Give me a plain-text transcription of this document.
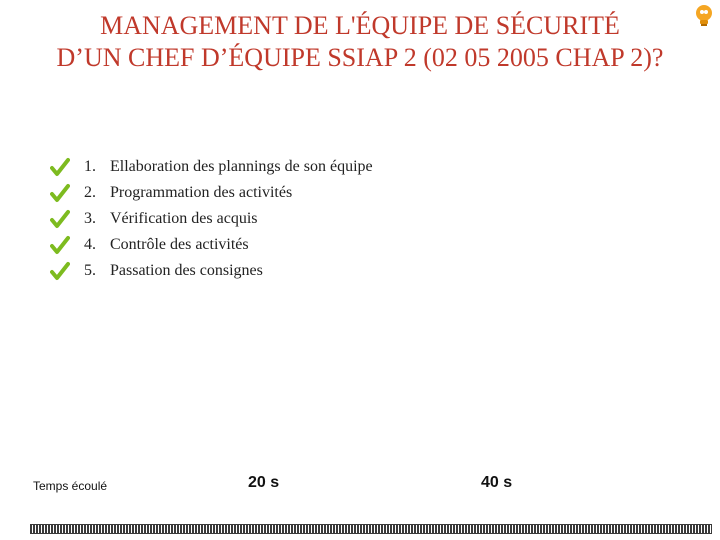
MANAGEMENT DE L'ÉQUIPE DE SÉCURITÉ
D’UN CHEF D’ÉQUIPE SSIAP 2 (02 05 2005 CHAP 2)?
1. Ellaboration des plannings de son équipe
2. Programmation des activités
3. Vérification des acquis
4. Contrôle des activités
5. Passation des consignes
Temps écoulé	20 s	40 s
